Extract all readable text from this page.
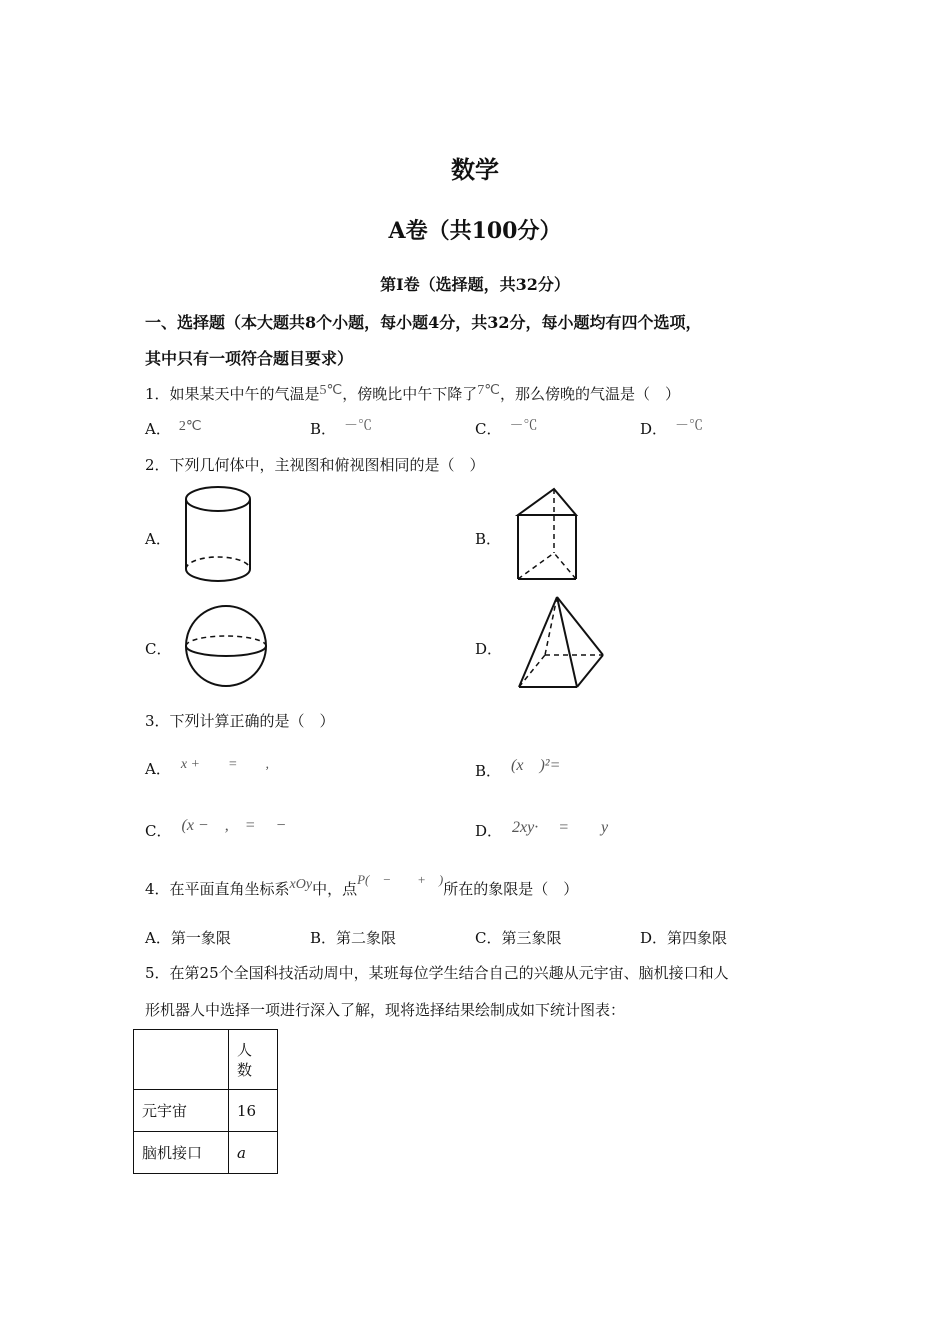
数学
A卷（共100分）
第Ⅰ卷（选择题，共32分）
一、选择题（本大题共8个小题，每小题4分，共32分，每小题均有四个选项，
其中只有一项符合题目要求）
1．如果某天中午的气温是5℃，傍晚比中午下降了7℃，那么傍晚的气温是（　）
A． 2℃	B． －℃	C． －℃	D． －℃
2．下列几何体中，主视图和俯视图相同的是（　）
A．	B．
C．	D．
3．下列计算正确的是（　）
A． x +　　=　　,	B． (x　)²=
C． (x −　,　=　 −	D． 2xy·　 =　　y
4．在平面直角坐标系xOy中，点P(　−　　+　)所在的象限是（　）
A．第一象限	B．第二象限	C．第三象限	D．第四象限
5．在第25个全国科技活动周中，某班每位学生结合自己的兴趣从元宇宙、脑机接口和人
形机器人中选择一项进行深入了解，现将选择结果绘制成如下统计图表：
	人
数
元宇宙	16
脑机接口	a
